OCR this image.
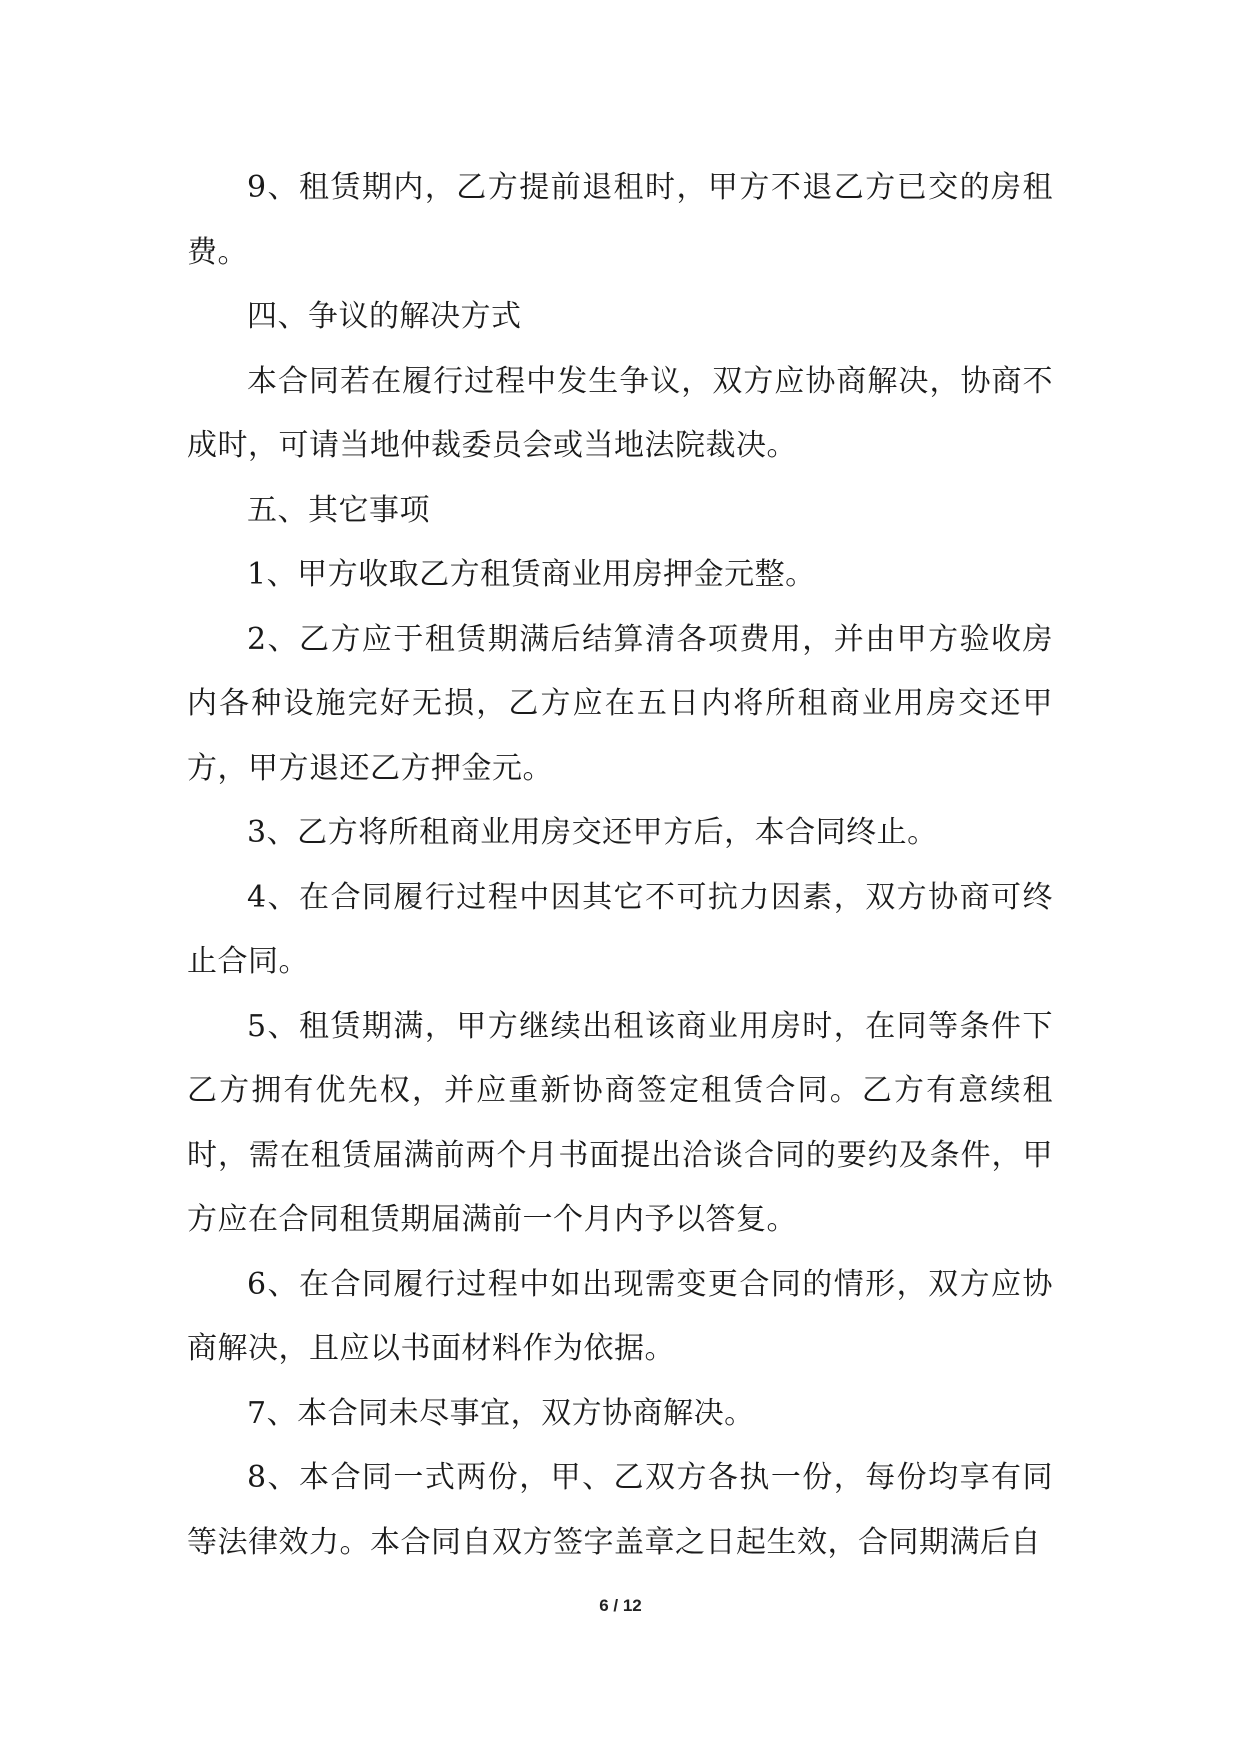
9、租赁期内，乙方提前退租时，甲方不退乙方已交的房租费。

四、争议的解决方式

本合同若在履行过程中发生争议，双方应协商解决，协商不成时，可请当地仲裁委员会或当地法院裁决。

五、其它事项

1、甲方收取乙方租赁商业用房押金元整。

2、乙方应于租赁期满后结算清各项费用，并由甲方验收房内各种设施完好无损，乙方应在五日内将所租商业用房交还甲方，甲方退还乙方押金元。

3、乙方将所租商业用房交还甲方后，本合同终止。

4、在合同履行过程中因其它不可抗力因素，双方协商可终止合同。

5、租赁期满，甲方继续出租该商业用房时，在同等条件下乙方拥有优先权，并应重新协商签定租赁合同。乙方有意续租时，需在租赁届满前两个月书面提出洽谈合同的要约及条件，甲方应在合同租赁期届满前一个月内予以答复。

6、在合同履行过程中如出现需变更合同的情形，双方应协商解决，且应以书面材料作为依据。

7、本合同未尽事宜，双方协商解决。

8、本合同一式两份，甲、乙双方各执一份，每份均享有同等法律效力。本合同自双方签字盖章之日起生效，合同期满后自

6 / 12
